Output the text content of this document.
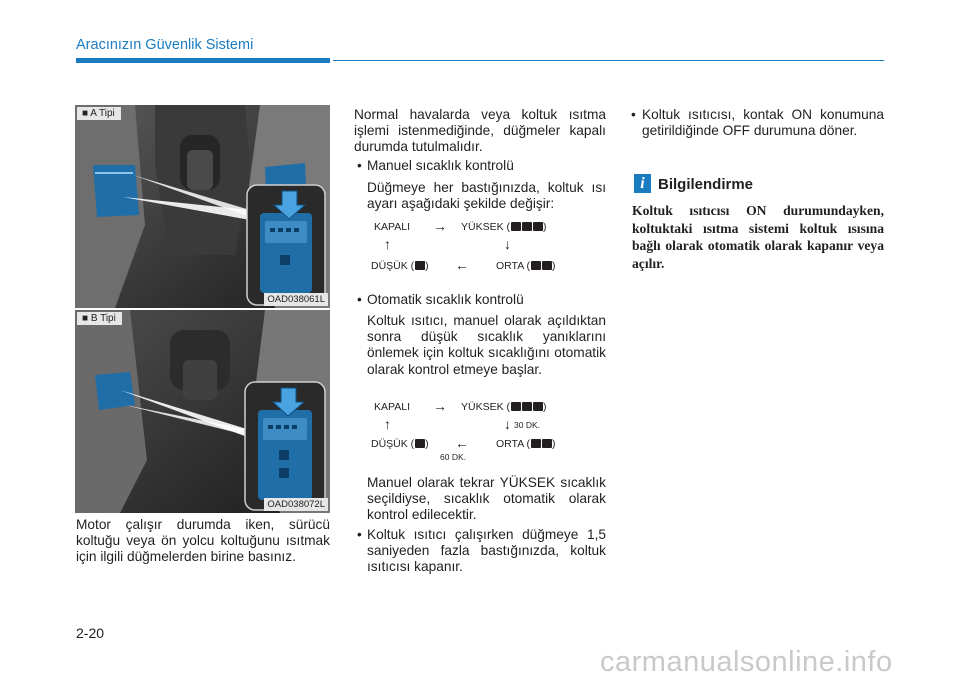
Aracınızın Güvenlik Sistemi
■ A Tipi
OAD038061L
■ B Tipi
OAD038072L

Motor çalışır durumda iken, sürücü koltuğu veya ön yolcu koltuğunu ısıtmak için ilgili düğmelerden birine basınız.

Normal havalarda veya koltuk ısıtma işlemi istenmediğinde, düğmeler kapalı durumda tutulmalıdır.

• Manuel sıcaklık kontrolü

Düğmeye her bastığınızda, koltuk ısı ayarı aşağıdaki şekilde değişir:

KAPALI → YÜKSEK (	)
↑	↓
DÜŞÜK ( ) ←	ORTA ( )
• Otomatik sıcaklık kontrolü

Koltuk ısıtıcı, manuel olarak açıldıktan sonra düşük sıcaklık yanıklarını önlemek için koltuk sıcaklığını otomatik olarak kontrol etmeye başlar.

KAPALI → YÜKSEK (	)
↑	↓ 30 DK.
DÜŞÜK ( ) ←
60 DK.
ORTA ( )

Manuel olarak tekrar YÜKSEK sıcaklık seçildiyse, sıcaklık otomatik olarak kontrol edilecektir.

• Koltuk ısıtıcı çalışırken düğmeye 1,5 saniyeden fazla bastığınızda, koltuk ısıtıcısı kapanır.

• Koltuk ısıtıcısı, kontak ON konumuna getirildiğinde OFF durumuna döner.

i Bilgilendirme

Koltuk ısıtıcısı ON durumundayken, koltuktaki ısıtma sistemi koltuk ısısına bağlı olarak otomatik olarak kapanır veya açılır.

2-20
carmanualsonline.info
